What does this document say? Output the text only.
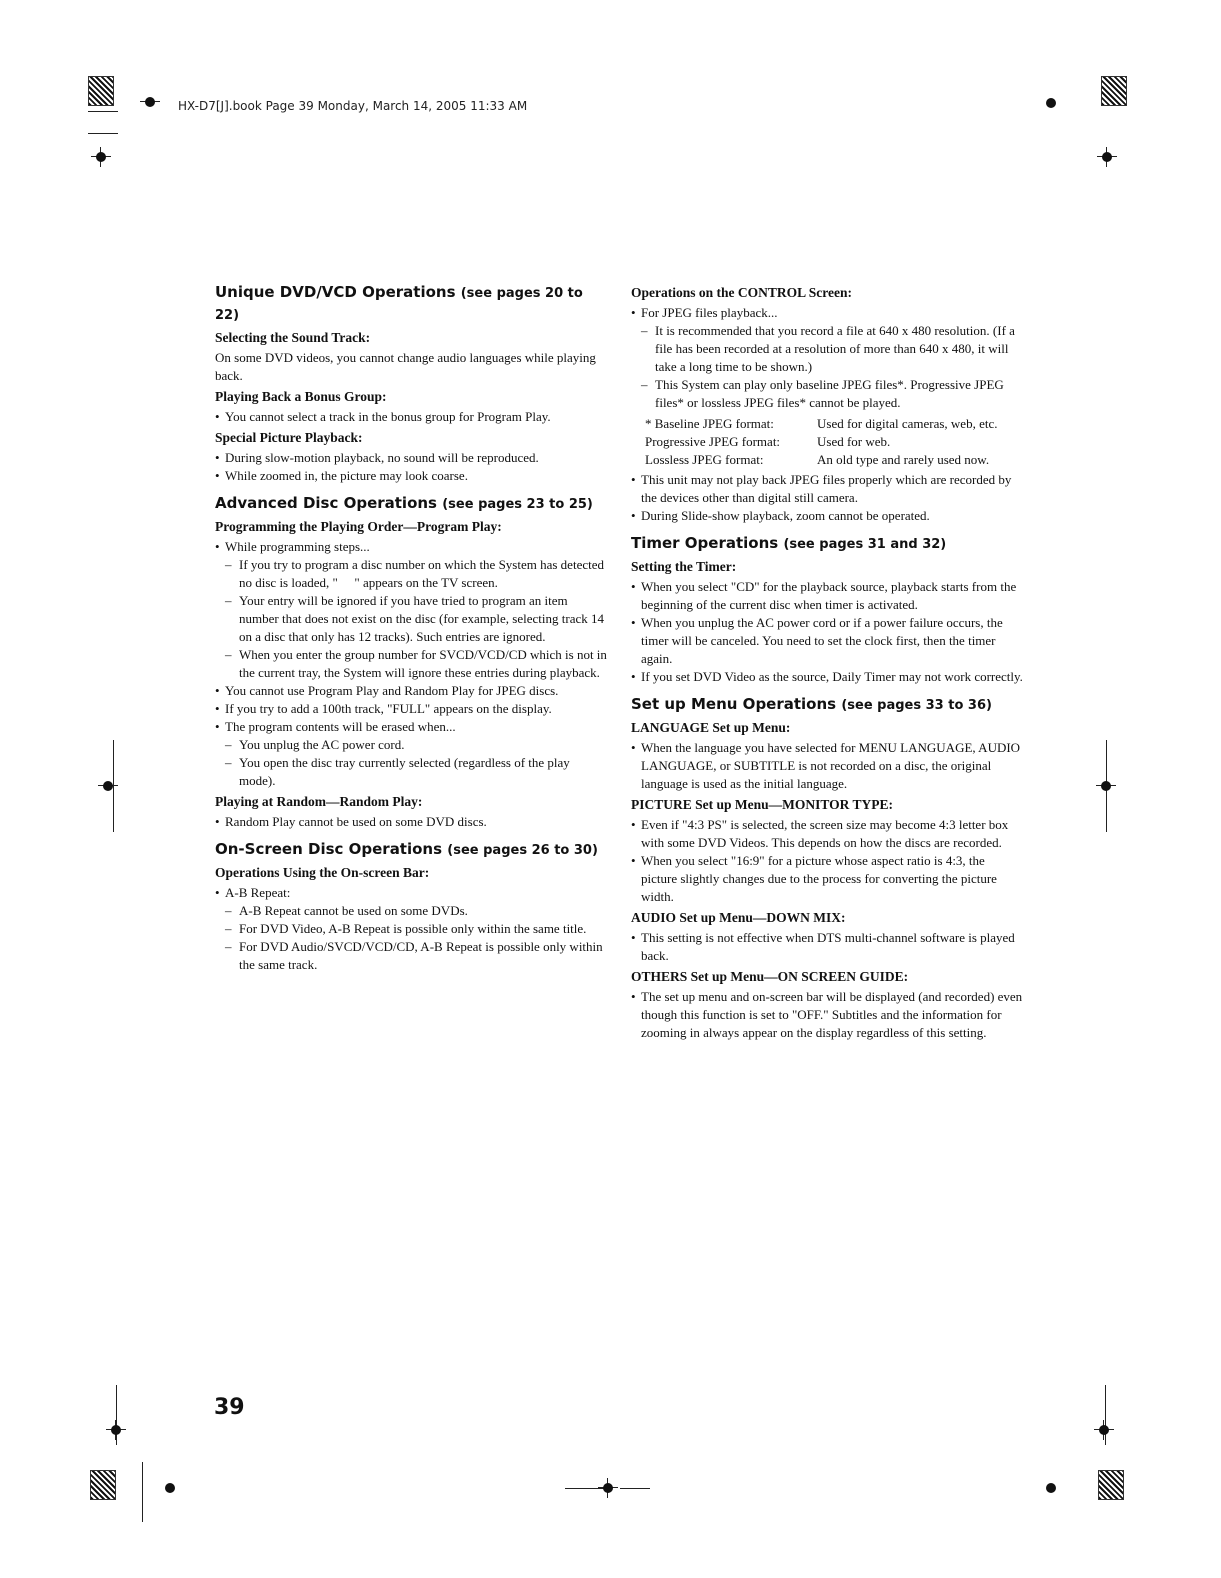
HX-D7[J].book Page 39 Monday, March 14, 2005 11:33 AM
Unique DVD/VCD Operations (see pages 20 to 22)
Selecting the Sound Track:

On some DVD videos, you cannot change audio languages while playing back.

Playing Back a Bonus Group:
• You cannot select a track in the bonus group for Program Play.
Special Picture Playback:
• During slow-motion playback, no sound will be reproduced.
• While zoomed in, the picture may look coarse.
Advanced Disc Operations (see pages 23 to 25)
Programming the Playing Order—Program Play:
• While programming steps...
– If you try to program a disc number on which the System has detected no disc is loaded, " ⃠ " appears on the TV screen.
– Your entry will be ignored if you have tried to program an item number that does not exist on the disc (for example, selecting track 14 on a disc that only has 12 tracks). Such entries are ignored.
– When you enter the group number for SVCD/VCD/CD which is not in the current tray, the System will ignore these entries during playback.
• You cannot use Program Play and Random Play for JPEG discs.
• If you try to add a 100th track, "FULL" appears on the display.
• The program contents will be erased when...
– You unplug the AC power cord.
– You open the disc tray currently selected (regardless of the play mode).
Playing at Random—Random Play:
• Random Play cannot be used on some DVD discs.
On-Screen Disc Operations (see pages 26 to 30)
Operations Using the On-screen Bar:
• A-B Repeat:
– A-B Repeat cannot be used on some DVDs.
– For DVD Video, A-B Repeat is possible only within the same title.
– For DVD Audio/SVCD/VCD/CD, A-B Repeat is possible only within the same track.
Operations on the CONTROL Screen:
• For JPEG files playback...
– It is recommended that you record a file at 640 x 480 resolution. (If a file has been recorded at a resolution of more than 640 x 480, it will take a long time to be shown.)
– This System can play only baseline JPEG files*. Progressive JPEG files* or lossless JPEG files* cannot be played.
* Baseline JPEG format:	Used for digital cameras, web, etc.
Progressive JPEG format:	Used for web.
Lossless JPEG format:	An old type and rarely used now.
• This unit may not play back JPEG files properly which are recorded by the devices other than digital still camera.
• During Slide-show playback, zoom cannot be operated.
Timer Operations (see pages 31 and 32)
Setting the Timer:
• When you select "CD" for the playback source, playback starts from the beginning of the current disc when timer is activated.
• When you unplug the AC power cord or if a power failure occurs, the timer will be canceled. You need to set the clock first, then the timer again.
• If you set DVD Video as the source, Daily Timer may not work correctly.
Set up Menu Operations (see pages 33 to 36)
LANGUAGE Set up Menu:
• When the language you have selected for MENU LANGUAGE, AUDIO LANGUAGE, or SUBTITLE is not recorded on a disc, the original language is used as the initial language.
PICTURE Set up Menu—MONITOR TYPE:
• Even if "4:3 PS" is selected, the screen size may become 4:3 letter box with some DVD Videos. This depends on how the discs are recorded.
• When you select "16:9" for a picture whose aspect ratio is 4:3, the picture slightly changes due to the process for converting the picture width.
AUDIO Set up Menu—DOWN MIX:
• This setting is not effective when DTS multi-channel software is played back.
OTHERS Set up Menu—ON SCREEN GUIDE:
• The set up menu and on-screen bar will be displayed (and recorded) even though this function is set to "OFF." Subtitles and the information for zooming in always appear on the display regardless of this setting.
39
